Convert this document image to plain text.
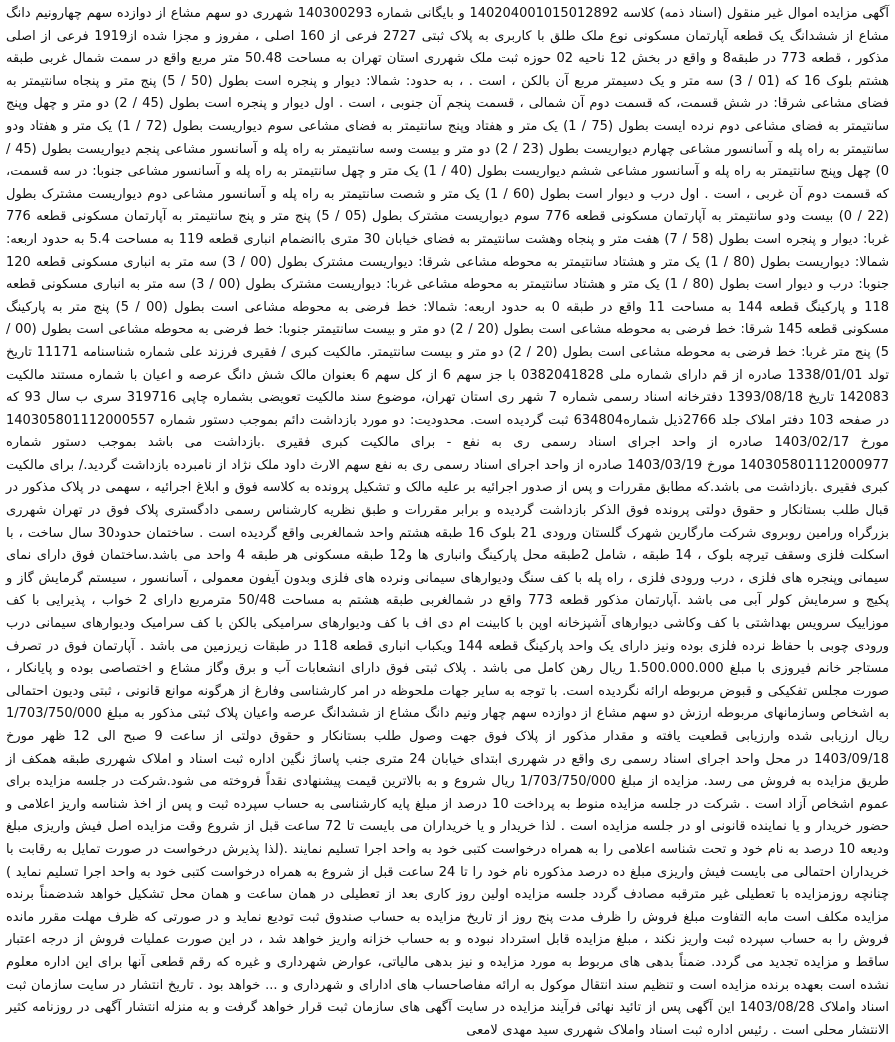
آگهی مزایده اموال غیر منقول (اسناد ذمه) کلاسه 140204001015012892 و بایگانی شماره 140300293 شهرری دو سهم مشاع از دوازده سهم چهارونیم دانگ مشاع از ششدانگ یک قطعه آپارتمان مسکونی نوع ملک طلق با کاربری به پلاک ثبتی 2727 فرعی از 160 اصلی ، مفروز و مجزا شده از1919 فرعی از اصلی مذکور ، قطعه 773 در طبقه8 و واقع در بخش 12 ناحیه 02 حوزه ثبت ملک شهرری استان تهران به مساحت 50.48 متر مربع واقع در سمت شمال غربی طبقه هشتم بلوک 16 که (01 / 3) سه متر و یک دسیمتر مربع آن بالکن ، است . ، به حدود: شمالا: دیوار و پنجره است بطول (50 / 5) پنج متر و پنجاه سانتیمتر به فضای مشاعی شرقا: در شش قسمت، که قسمت دوم آن شمالی ، قسمت پنجم آن جنوبی ، است . اول دیوار و پنجره است بطول (45 / 2) دو متر و چهل وپنج سانتیمتر به فضای مشاعی دوم نرده ایست بطول (75 / 1) یک متر و هفتاد وپنج سانتیمتر به فضای مشاعی سوم دیواریست بطول (72 / 1) یک متر و هفتاد ودو سانتیمتر به راه پله و آسانسور مشاعی چهارم دیواریست بطول (23 / 2) دو متر و بیست وسه سانتیمتر به راه پله و آسانسور مشاعی پنجم دیواریست بطول (45 / 0) چهل وپنج سانتیمتر به راه پله و آسانسور مشاعی ششم دیواریست بطول (40 / 1) یک متر و چهل سانتیمتر به راه پله و آسانسور مشاعی جنوبا: در سه قسمت، که قسمت دوم آن غربی ، است . اول درب و دیوار است بطول (60 / 1) یک متر و شصت سانتیمتر به راه پله و آسانسور مشاعی دوم دیواریست مشترک بطول (22 / 0) بیست ودو سانتیمتر به آپارتمان مسکونی قطعه 776 سوم دیواریست مشترک بطول (05 / 5) پنج متر و پنج سانتیمتر به آپارتمان مسکونی قطعه 776 غربا: دیوار و پنجره است بطول (58 / 7) هفت متر و پنجاه وهشت سانتیمتر به فضای خیابان 30 متری باانضمام انباری قطعه 119 به مساحت 5.4 به حدود اربعه: شمالا: دیواریست بطول (80 / 1) یک متر و هشتاد سانتیمتر به محوطه مشاعی شرقا: دیواریست مشترک بطول (00 / 3) سه متر به انباری مسکونی قطعه 120 جنوبا: درب و دیوار است بطول (80 / 1) یک متر و هشتاد سانتیمتر به محوطه مشاعی غربا: دیواریست مشترک بطول (00 / 3) سه متر به انباری مسکونی قطعه 118 و پارکینگ قطعه 144 به مساحت 11 واقع در طبقه 0 به حدود اربعه: شمالا: خط فرضی به محوطه مشاعی است بطول (00 / 5) پنج متر به پارکینگ مسکونی قطعه 145 شرقا: خط فرضی به محوطه مشاعی است بطول (20 / 2) دو متر و بیست سانتیمتر جنوبا: خط فرضی به محوطه مشاعی است بطول (00 / 5) پنج متر غربا: خط فرضی به محوطه مشاعی است بطول (20 / 2) دو متر و بیست سانتیمتر. مالکیت کبری / فقیری فرزند علی شماره شناسنامه 11171 تاریخ تولد 1338/01/01 صادره از قم دارای شماره ملی 0382041828 با جز سهم 6 از کل سهم 6 بعنوان مالک شش دانگ عرصه و اعیان با شماره مستند مالکیت 142083 تاریخ 1393/08/18 دفترخانه اسناد رسمی شماره 7 شهر ری استان تهران، موضوع سند مالکیت تعویضی بشماره چاپی 319716 سری ب سال 93 که در صفحه 103 دفتر املاک جلد 2766ذیل شماره634804 ثبت گردیده است. محدودیت: دو مورد بازداشت دائم بموجب دستور شماره 140305801112000557 مورخ 1403/02/17 صادره از واحد اجرای اسناد رسمی ری به نفع - برای مالکیت کبری فقیری .بازداشت می باشد بموجب دستور شماره 140305801112000977 مورخ 1403/03/19 صادره از واحد اجرای اسناد رسمی ری به نفع سهم الارث داود ملک نژاد از نامبرده بازداشت گردید./ برای مالکیت کبری فقیری .بازداشت می باشد.که مطابق مقررات و پس از صدور اجرائیه بر علیه مالک و تشکیل پرونده به کلاسه فوق و ابلاغ اجرائیه ، سهمی در پلاک مذکور در قبال طلب بستانکار و حقوق دولتی پرونده فوق الذکر بازداشت گردیده و برابر مقررات و طبق نظریه کارشناس رسمی دادگستری پلاک فوق در تهران شهرری بزرگراه ورامین روبروی شرکت مارگارین شهرک گلستان ورودی 21 بلوک 16 طبقه هشتم واحد شمالغربی واقع گردیده است . ساختمان حدود30 سال ساخت ، با اسکلت فلزی وسقف تیرچه بلوک ، 14 طبقه ، شامل 2طبقه محل پارکینگ وانباری ها و12 طبقه مسکونی هر طبقه 4 واحد می باشد.ساختمان فوق دارای نمای سیمانی وپنجره های فلزی ، درب ورودی فلزی ، راه پله با کف سنگ ودیوارهای سیمانی ونرده های فلزی وبدون آیفون معمولی ، آسانسور ، سیستم گرمایش گاز و پکیج و سرمایش کولر آبی می باشد .آپارتمان مذکور قطعه 773 واقع در شمالغربی طبقه هشتم به مساحت 50/48 مترمربع دارای 2 خواب ، پذیرایی با کف موزاییک سرویس بهداشتی با کف وکاشی دیوارهای آشپزخانه اوپن با کابینت ام دی اف با کف ودیوارهای سرامیکی بالکن با کف سرامیک ودیوارهای سیمانی درب ورودی چوبی با حفاظ نرده فلزی بوده ونیز دارای یک واحد پارکینگ قطعه 144 ویکباب انباری قطعه 118 در طبقات زیرزمین می باشد . آپارتمان فوق در تصرف مستاجر خانم فیروزی با مبلغ 1.500.000.000 ریال رهن کامل می باشد . پلاک ثبتی فوق دارای انشعابات آب و برق وگاز مشاع و اختصاصی بوده و پایانکار ، صورت مجلس تفکیکی و قبوض مربوطه ارائه نگردیده است. با توجه به سایر جهات ملحوظه در امر کارشناسی وفارغ از هرگونه موانع قانونی ، ثبتی ودیون احتمالی به اشخاص وسازمانهای مربوطه ارزش دو سهم مشاع از دوازده سهم چهار ونیم دانگ مشاع از ششدانگ عرصه واعیان پلاک ثبتی مذکور به مبلغ 1/703/750/000 ریال ارزیابی شده وارزیابی قطعیت یافته و مقدار مذکور از پلاک فوق جهت وصول طلب بستانکار و حقوق دولتی از ساعت 9 صبح الی 12 ظهر مورخ 1403/09/18 در محل واحد اجرای اسناد رسمی ری واقع در شهرری ابتدای خیابان 24 متری جنب پاساژ نگین اداره ثبت اسناد و املاک شهرری طبقه همکف از طریق مزایده به فروش می رسد. مزایده از مبلغ 1/703/750/000 ریال شروع و به بالاترین قیمت پیشنهادی نقداً فروخته می شود.شرکت در جلسه مزایده برای عموم اشخاص آزاد است . شرکت در جلسه مزایده منوط به پرداخت 10 درصد از مبلغ پایه کارشناسی به حساب سپرده ثبت و پس از اخذ شناسه واریز اعلامی و حضور خریدار و یا نماینده قانونی او در جلسه مزایده است . لذا خریدار و یا خریداران می بایست تا 72 ساعت قبل از شروع وقت مزایده اصل فیش واریزی مبلغ ودیعه 10 درصد به نام خود و تحت شناسه اعلامی را به همراه درخواست کتبی خود به واحد اجرا تسلیم نمایند .(لذا پذیرش درخواست در صورت تمایل به رقابت با خریداران احتمالی می بایست فیش واریزی مبلغ ده درصد مذکوره نام خود را تا 24 ساعت قبل از شروع به همراه درخواست کتبی خود به واحد اجرا تسلیم نماید ) چنانچه روزمزایده با تعطیلی غیر مترقبه مصادف گردد جلسه مزایده اولین روز کاری بعد از تعطیلی در همان ساعت و همان محل تشکیل خواهد شدضمناً برنده مزایده مکلف است مابه التفاوت مبلغ فروش را ظرف مدت پنج روز از تاریخ مزایده به حساب صندوق ثبت تودیع نماید و در صورتی که ظرف مهلت مقرر مانده فروش را به حساب سپرده ثبت واریز نکند ، مبلغ مزایده قابل استرداد نبوده و به حساب خزانه واریز خواهد شد ، در این صورت عملیات فروش از درجه اعتبار ساقط و مزایده تجدید می گردد. ضمناً بدهی های مربوط به مورد مزایده و نیز بدهی مالیاتی، عوارض شهرداری و غیره که رقم قطعی آنها برای این اداره معلوم نشده است بعهده برنده مزایده است و تنظیم سند انتقال موکول به ارائه مفاصاحساب های ادارای و شهرداری و ... خواهد بود . تاریخ انتشار در سایت سازمان ثبت اسناد واملاک 1403/08/28 این آگهی پس از تائید نهائی فرآیند مزایده در سایت آگهی های سازمان ثبت قرار خواهد گرفت و به منزله انتشار آگهی در روزنامه کثیر الانتشار محلی است . رئیس اداره ثبت اسناد واملاک شهرری سید مهدی لامعی
